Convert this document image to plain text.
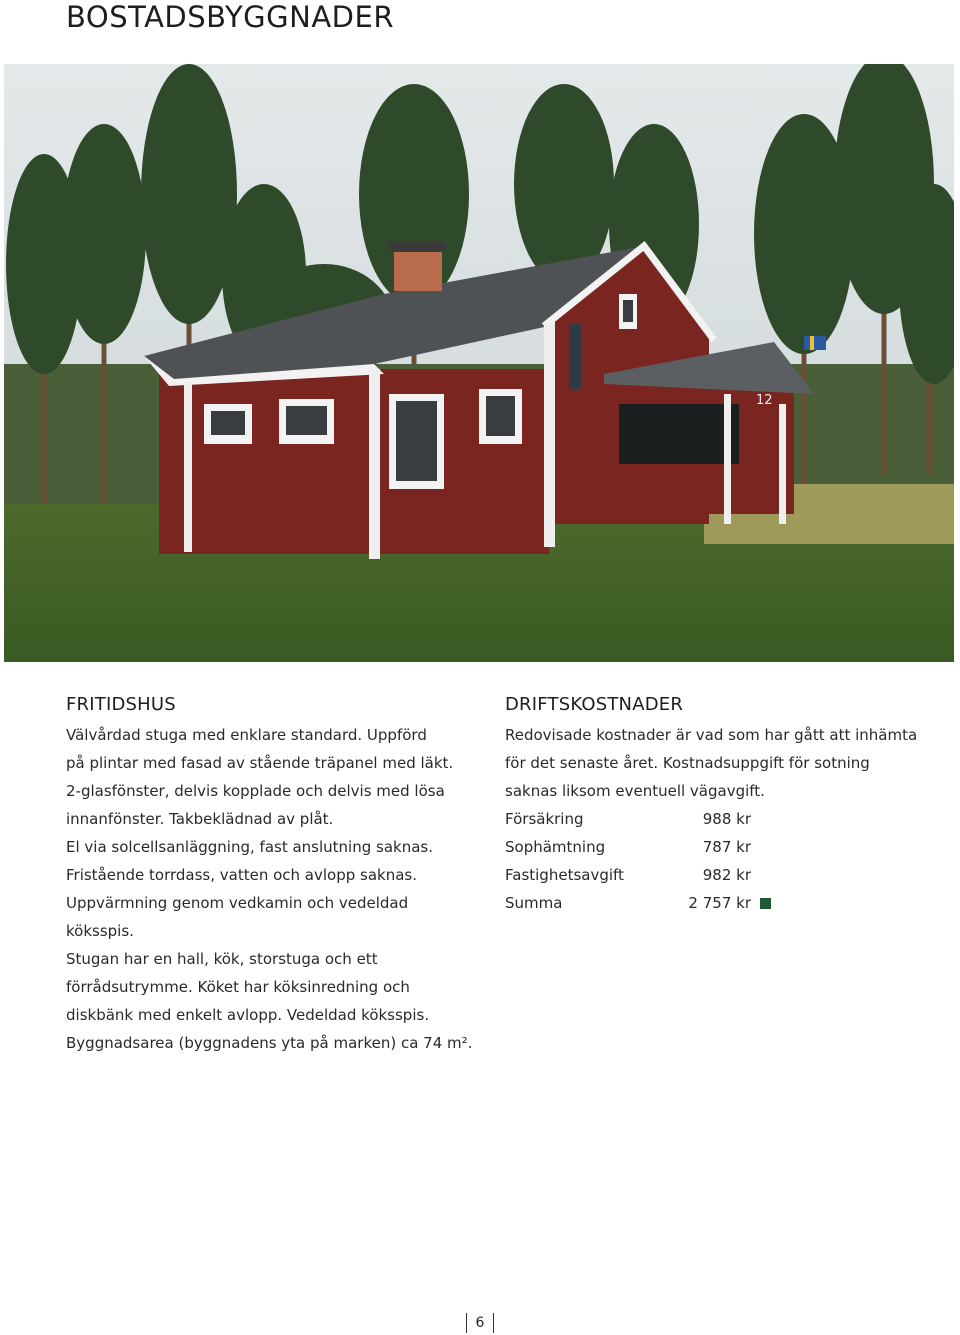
BOSTADSBYGGNADER
12
FRITIDSHUS
Välvårdad stuga med enklare standard. Uppförd
på plintar med fasad av stående träpanel med läkt.
2-glasfönster, delvis kopplade och delvis med lösa
innanfönster. Takbeklädnad av plåt.
El via solcellsanläggning, fast anslutning saknas.
Fristående torrdass, vatten och avlopp saknas.
Uppvärmning genom vedkamin och vedeldad
köksspis.
Stugan har en hall, kök, storstuga och ett
förrådsutrymme. Köket har köksinredning och
diskbänk med enkelt avlopp. Vedeldad köksspis.
Byggnadsarea (byggnadens yta på marken) ca 74 m².
DRIFTSKOSTNADER
Redovisade kostnader är vad som har gått att inhämta
för det senaste året. Kostnadsuppgift för sotning
saknas liksom eventuell vägavgift.
Försäkring	988 kr	
Sophämtning	787 kr	
Fastighetsavgift	982 kr	
Summa	2 757 kr	
6
